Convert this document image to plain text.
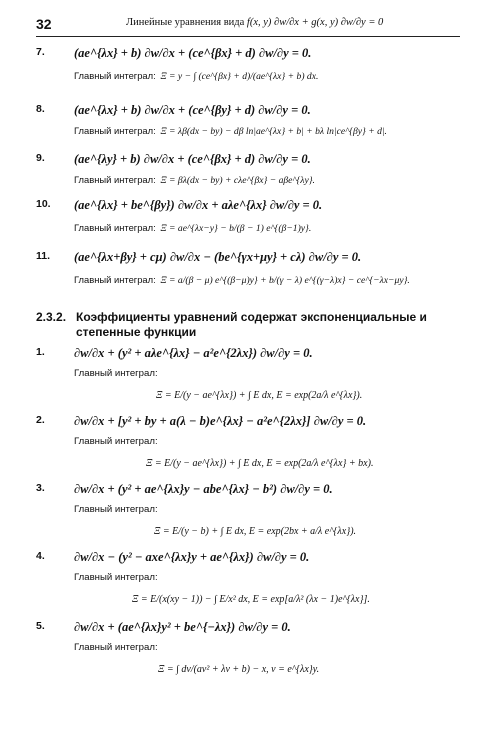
32	Линейные уравнения вида f(x, y) ∂w/∂x + g(x, y) ∂w/∂y = 0
7. (ae^{λx} + b) ∂w/∂x + (ce^{βx} + d) ∂w/∂y = 0.
Главный интеграл: Ξ = y − ∫ (ce^{βx} + d)/(ae^{λx} + b) dx.
8. (ae^{λx} + b) ∂w/∂x + (ce^{βy} + d) ∂w/∂y = 0.
Главный интеграл: Ξ = λβ(dx − by) − dβ ln|ae^{λx} + b| + bλ ln|ce^{βy} + d|.
9. (ae^{λy} + b) ∂w/∂x + (ce^{βx} + d) ∂w/∂y = 0.
Главный интеграл: Ξ = βλ(dx − by) + cλe^{βx} − aβe^{λy}.
10. (ae^{λx} + be^{βy}) ∂w/∂x + aλe^{λx} ∂w/∂y = 0.
Главный интеграл: Ξ = ae^{λx−y} − b/(β − 1) e^{(β−1)y}.
11. (ae^{λx+βy} + cμ) ∂w/∂x − (be^{γx+μy} + cλ) ∂w/∂y = 0.
Главный интеграл: Ξ = a/(β − μ) e^{(β−μ)y} + b/(γ − λ) e^{(γ−λ)x} − ce^{−λx−μy}.
2.3.2. Коэффициенты уравнений содержат экспоненциальные и
степенные функции
1. ∂w/∂x + (y² + aλe^{λx} − a²e^{2λx}) ∂w/∂y = 0.
Главный интеграл:
Ξ = E/(y − ae^{λx}) + ∫ E dx, E = exp(2a/λ e^{λx}).
2. ∂w/∂x + [y² + by + a(λ − b)e^{λx} − a²e^{2λx}] ∂w/∂y = 0.
Главный интеграл:
Ξ = E/(y − ae^{λx}) + ∫ E dx, E = exp(2a/λ e^{λx} + bx).
3. ∂w/∂x + (y² + ae^{λx}y − abe^{λx} − b²) ∂w/∂y = 0.
Главный интеграл:
Ξ = E/(y − b) + ∫ E dx, E = exp(2bx + a/λ e^{λx}).
4. ∂w/∂x − (y² − axe^{λx}y + ae^{λx}) ∂w/∂y = 0.
Главный интеграл:
Ξ = E/(x(xy − 1)) − ∫ E/x² dx, E = exp[a/λ² (λx − 1)e^{λx}].
5. ∂w/∂x + (ae^{λx}y² + be^{−λx}) ∂w/∂y = 0.
Главный интеграл:
Ξ = ∫ dv/(av² + λv + b) − x, v = e^{λx}y.
